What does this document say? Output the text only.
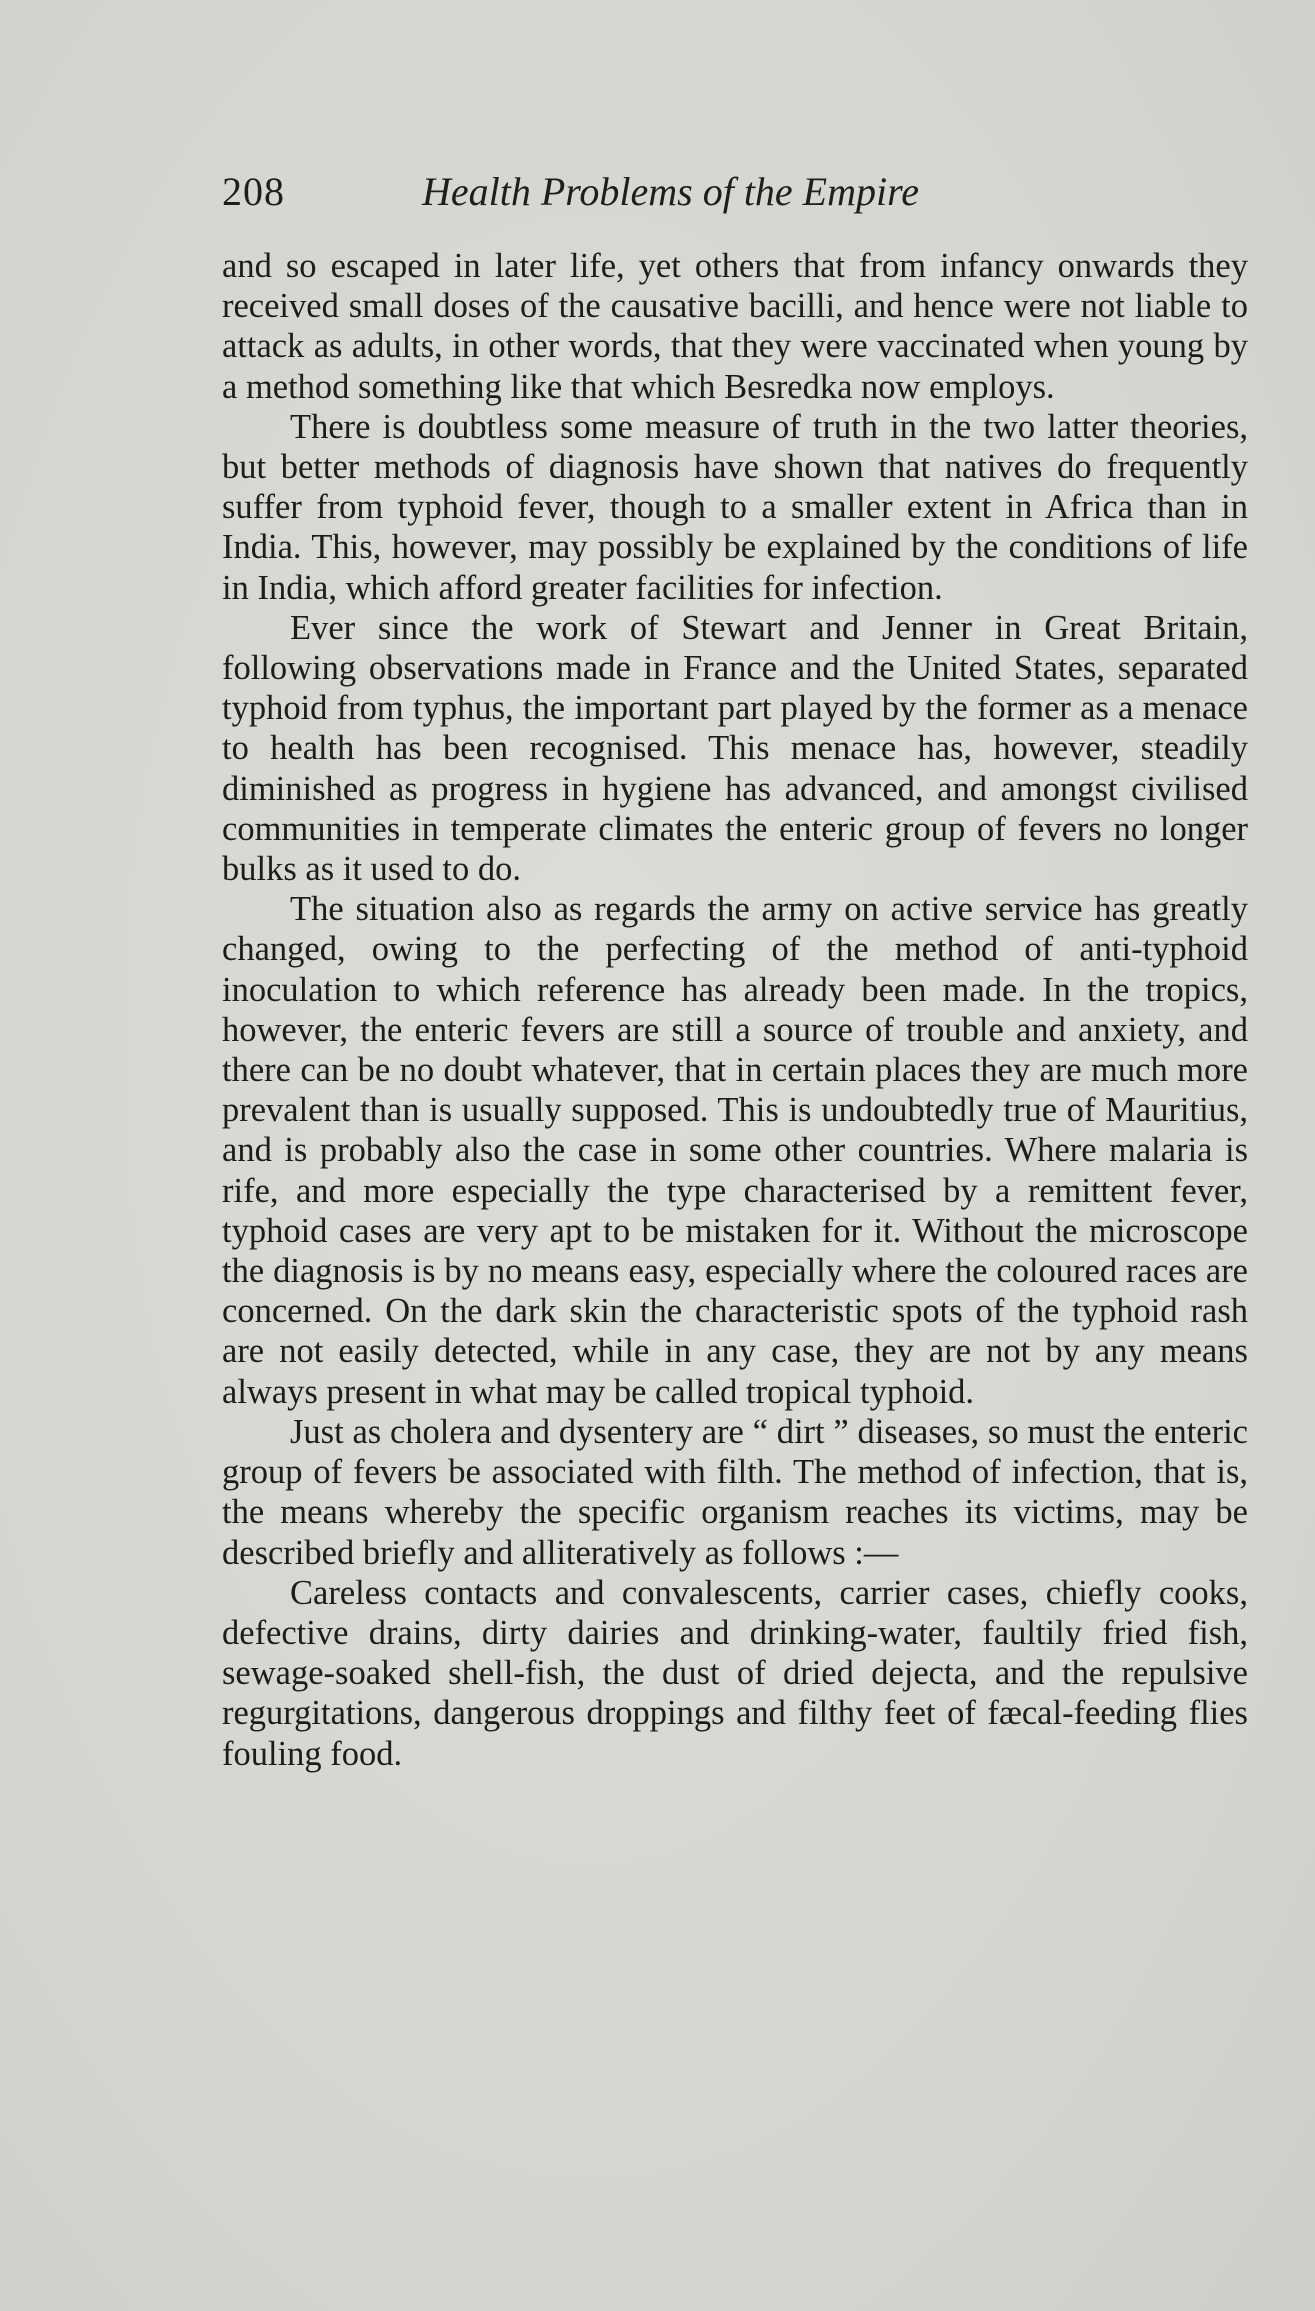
208	Health Problems of the Empire

and so escaped in later life, yet others that from infancy onwards they received small doses of the causative bacilli, and hence were not liable to attack as adults, in other words, that they were vaccinated when young by a method something like that which Besredka now employs.

There is doubtless some measure of truth in the two latter theories, but better methods of diagnosis have shown that natives do frequently suffer from typhoid fever, though to a smaller extent in Africa than in India. This, however, may possibly be explained by the conditions of life in India, which afford greater facilities for infection.

Ever since the work of Stewart and Jenner in Great Britain, following observations made in France and the United States, separated typhoid from typhus, the important part played by the former as a menace to health has been recognised. This menace has, however, steadily diminished as progress in hygiene has advanced, and amongst civilised communities in temperate climates the enteric group of fevers no longer bulks as it used to do.

The situation also as regards the army on active service has greatly changed, owing to the perfecting of the method of anti-typhoid inoculation to which reference has already been made. In the tropics, however, the enteric fevers are still a source of trouble and anxiety, and there can be no doubt whatever, that in certain places they are much more prevalent than is usually supposed. This is undoubtedly true of Mauritius, and is probably also the case in some other countries. Where malaria is rife, and more especially the type characterised by a remittent fever, typhoid cases are very apt to be mistaken for it. Without the microscope the diagnosis is by no means easy, especially where the coloured races are concerned. On the dark skin the characteristic spots of the typhoid rash are not easily detected, while in any case, they are not by any means always present in what may be called tropical typhoid.

Just as cholera and dysentery are “ dirt ” diseases, so must the enteric group of fevers be associated with filth. The method of infection, that is, the means whereby the specific organism reaches its victims, may be described briefly and alliteratively as follows :—

Careless contacts and convalescents, carrier cases, chiefly cooks, defective drains, dirty dairies and drinking-water, faultily fried fish, sewage-soaked shell-fish, the dust of dried dejecta, and the repulsive regurgitations, dangerous droppings and filthy feet of fæcal-feeding flies fouling food.
